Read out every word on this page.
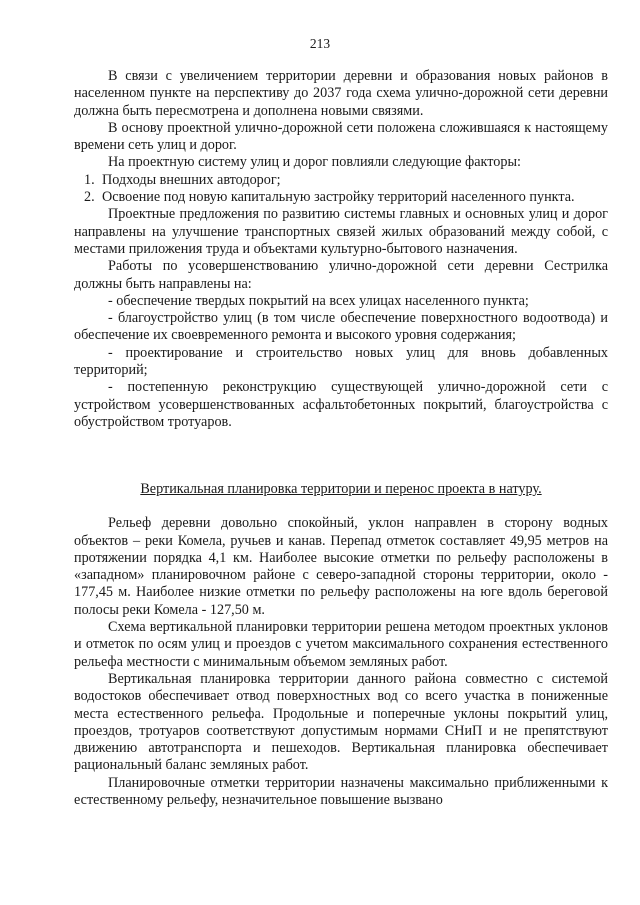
213

В связи с увеличением территории деревни и образования новых районов в населенном пункте на перспективу до 2037 года схема улично-дорожной сети деревни должна быть пересмотрена и дополнена новыми связями.

В основу проектной улично-дорожной сети положена сложившаяся к настоящему времени сеть улиц и дорог.

На проектную систему улиц и дорог повлияли следующие факторы:

1. Подходы внешних автодорог;
2. Освоение под новую капитальную застройку территорий населенного пункта.

Проектные предложения по развитию системы главных и основных улиц и дорог направлены на улучшение транспортных связей жилых образований между собой, с местами приложения труда и объектами культурно-бытового назначения.

Работы по усовершенствованию улично-дорожной сети деревни Сестрилка должны быть направлены на:

- обеспечение твердых покрытий на всех улицах населенного пункта;

- благоустройство улиц (в том числе обеспечение поверхностного водоотвода) и обеспечение их своевременного ремонта и высокого уровня содержания;

- проектирование и строительство новых улиц для вновь добавленных территорий;

- постепенную реконструкцию существующей улично-дорожной сети с устройством усовершенствованных асфальтобетонных покрытий, благоустройства с обустройством тротуаров.

Вертикальная планировка территории и перенос проекта в натуру.

Рельеф деревни довольно спокойный, уклон направлен в сторону водных объектов – реки Комела, ручьев и канав. Перепад отметок составляет 49,95 метров на протяжении порядка 4,1 км. Наиболее высокие отметки по рельефу расположены в «западном» планировочном районе с северо-западной стороны территории, около - 177,45 м. Наиболее низкие отметки по рельефу расположены на юге вдоль береговой полосы реки Комела - 127,50 м.

Схема вертикальной планировки территории решена методом проектных уклонов и отметок по осям улиц и проездов с учетом максимального сохранения естественного рельефа местности с минимальным объемом земляных работ.

Вертикальная планировка территории данного района совместно с системой водостоков обеспечивает отвод поверхностных вод со всего участка в пониженные места естественного рельефа. Продольные и поперечные уклоны покрытий улиц, проездов, тротуаров соответствуют допустимым нормами СНиП и не препятствуют движению автотранспорта и пешеходов. Вертикальная планировка обеспечивает рациональный баланс земляных работ.

Планировочные отметки территории назначены максимально приближенными к естественному рельефу, незначительное повышение вызвано
